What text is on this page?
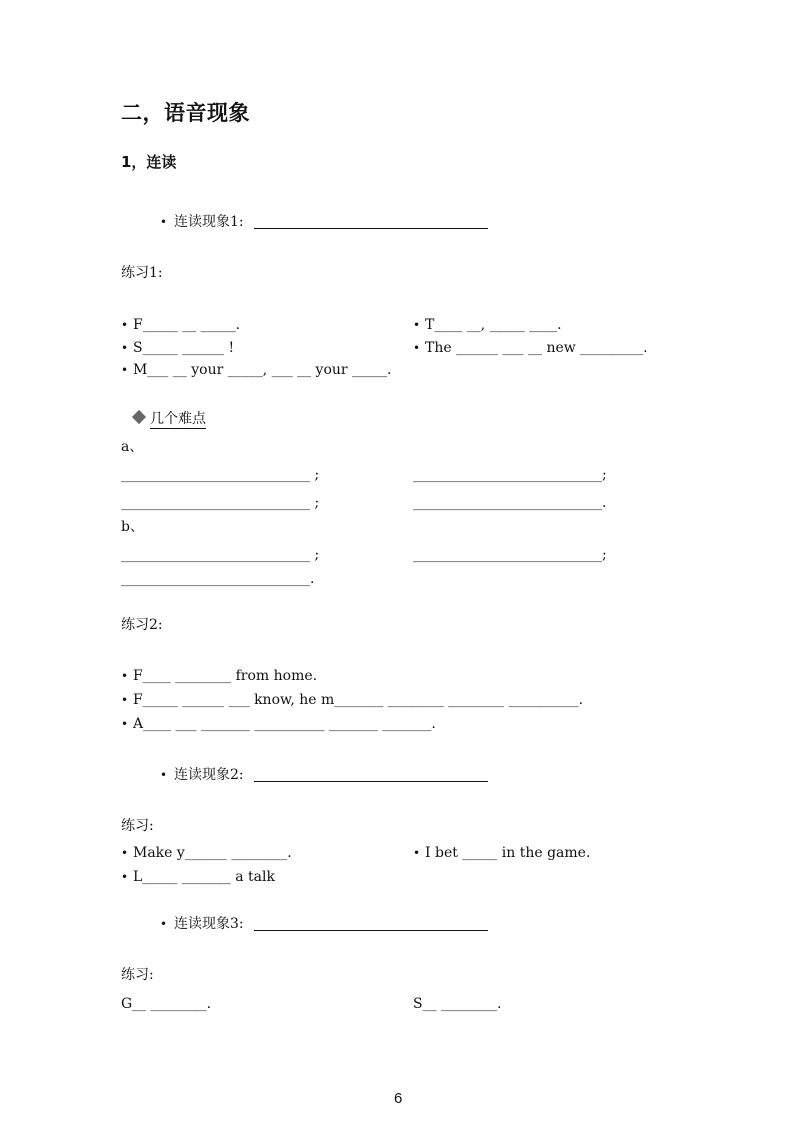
二，语音现象
1，连读
• 连读现象1:
练习1:
• F_____ __ _____.
• S_____ ______ !
• M___ __ your _____, ___ __ your _____.
• T____ __, _____ ____.
• The ______ ___ __ new _________.
几个难点
a、
___________________________ ;	___________________________;
___________________________ ;	___________________________.
b、
___________________________ ;	___________________________;
___________________________.
练习2:
• F____ ________ from home.
• F_____ ______ ___ know, he m_______ ________ ________ __________.
• A____ ___ _______ __________ _______ _______.
• 连读现象2:
练习:
• Make y______ ________.
• L_____ _______ a talk
• I bet _____ in the game.
• 连读现象3:
练习:
G__ ________.	S__ ________.
6
